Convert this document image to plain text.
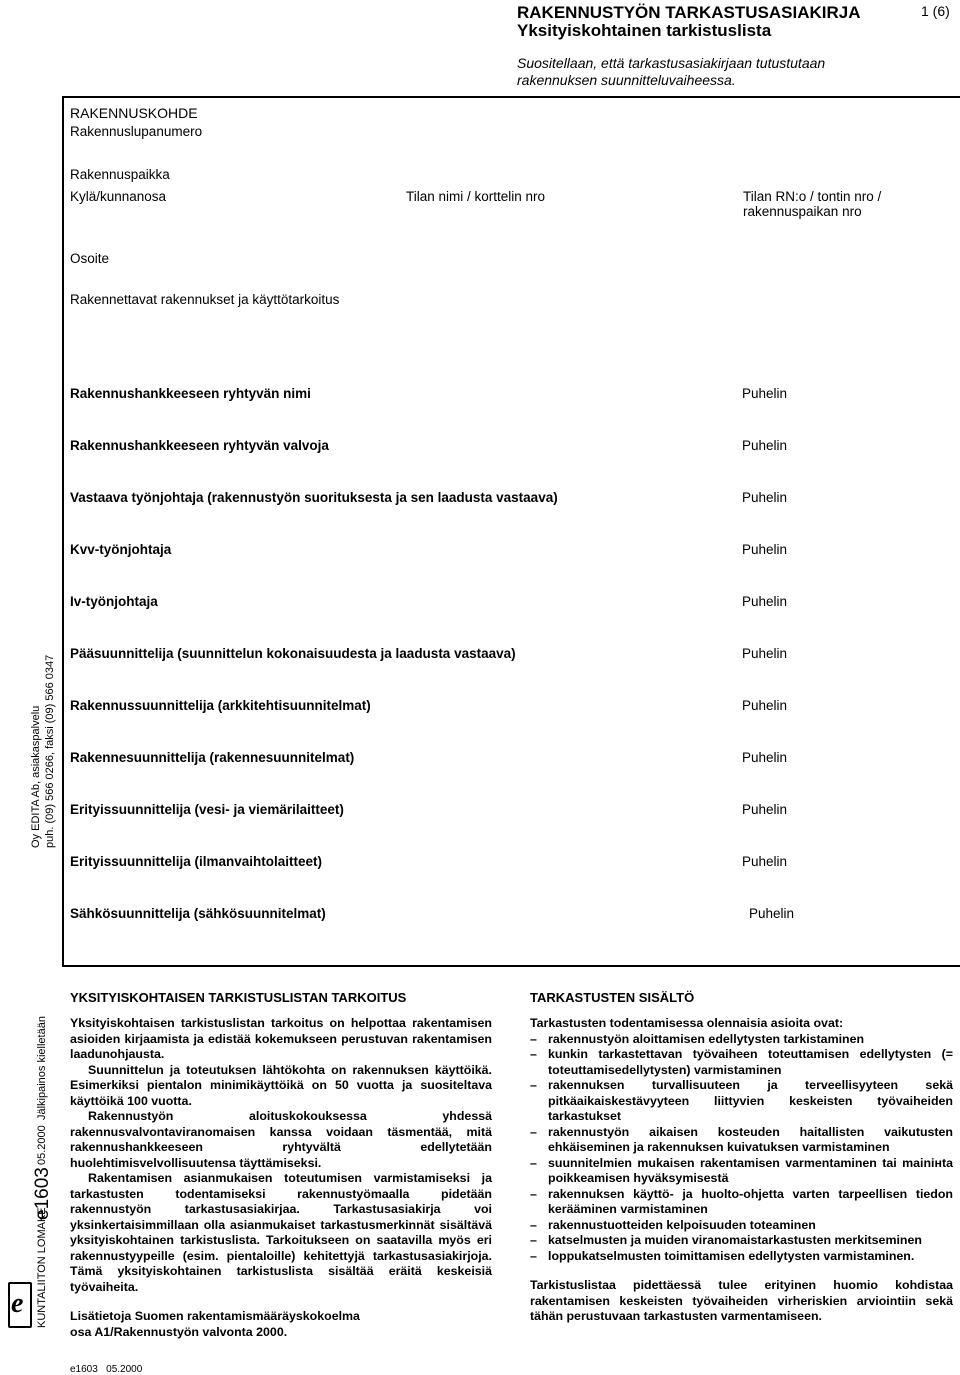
RAKENNUSTYÖN TARKASTUSASIAKIRJA
Yksityiskohtainen tarkistuslista
1 (6)
Suositellaan, että tarkastusasiakirjaan tutustutaan
rakennuksen suunnitteluvaiheessa.
RAKENNUSKOHDE
Rakennuslupanumero
Rakennuspaikka
Kylä/kunnanosa	Tilan nimi / korttelin nro	Tilan RN:o / tontin nro /
rakennuspaikan nro
Osoite
Rakennettavat rakennukset ja käyttötarkoitus
Rakennushankkeeseen ryhtyvän nimi	Puhelin
Rakennushankkeeseen ryhtyvän valvoja	Puhelin
Vastaava työnjohtaja (rakennustyön suorituksesta ja sen laadusta vastaava)	Puhelin
Kvv-työnjohtaja	Puhelin
Iv-työnjohtaja	Puhelin
Pääsuunnittelija (suunnittelun kokonaisuudesta ja laadusta vastaava)	Puhelin
Rakennussuunnittelija (arkkitehtisuunnitelmat)	Puhelin
Rakennesuunnittelija (rakennesuunnitelmat)	Puhelin
Erityissuunnittelija (vesi- ja viemärilaitteet)	Puhelin
Erityissuunnittelija (ilmanvaihtolaitteet)	Puhelin
Sähkösuunnittelija (sähkösuunnitelmat)	Puhelin
Oy EDITA Ab, asiakaspalvelu puh. (09) 566 0266, faksi (09) 566 0347
KUNTALIITON LOMAKE
e1603
05.2000
Jälkipainos kielletään
e
YKSITYISKOHTAISEN TARKISTUSLISTAN TARKOITUS

Yksityiskohtaisen tarkistuslistan tarkoitus on helpottaa rakentamisen asioiden kirjaamista ja edistää kokemukseen perustuvan rakentamisen laadunohjausta.

Suunnittelun ja toteutuksen lähtökohta on rakennuksen käyttöikä. Esimerkiksi pientalon minimikäyttöikä on 50 vuotta ja suositeltava käyttöikä 100 vuotta.

Rakennustyön aloituskokouksessa yhdessä rakennusvalvontaviranomaisen kanssa voidaan täsmentää, mitä rakennushankkeeseen ryhtyvältä edellytetään huolehtimisvelvollisuutensa täyttämiseksi.

Rakentamisen asianmukaisen toteutumisen varmistamiseksi ja tarkastusten todentamiseksi rakennustyömaalla pidetään rakennustyön tarkastusasiakirjaa. Tarkastusasiakirja voi yksinkertaisimmillaan olla asianmukaiset tarkastusmerkinnät sisältävä yksityiskohtainen tarkistuslista. Tarkoitukseen on saatavilla myös eri rakennustyypeille (esim. pientaloille) kehitettyjä tarkastusasiakirjoja. Tämä yksityiskohtainen tarkistuslista sisältää eräitä keskeisiä työvaiheita.

Lisätietoja Suomen rakentamismääräyskokoelma

osa A1/Rakennustyön valvonta 2000.

TARKASTUSTEN SISÄLTÖ

Tarkastusten todentamisessa olennaisia asioita ovat:

– rakennustyön aloittamisen edellytysten tarkistaminen
– kunkin tarkastettavan työvaiheen toteuttamisen edellytysten (= toteuttamisedellytysten) varmistaminen
– rakennuksen turvallisuuteen ja terveellisyyteen sekä pitkäaikaiskestävyyteen liittyvien keskeisten työvaiheiden tarkastukset
– rakennustyön aikaisen kosteuden haitallisten vaikutusten ehkäiseminen ja rakennuksen kuivatuksen varmistaminen
– suunnitelmien mukaisen rakentamisen varmentaminen tai mainінta poikkeamisen hyväksymisestä
– rakennuksen käyttö- ja huolto-ohjetta varten tarpeellisen tiedon kerääminen varmistaminen
– rakennustuotteiden kelpoisuuden toteaminen
– katselmusten ja muiden viranomaistarkastusten merkitseminen
– loppukatselmusten toimittamisen edellytysten varmistaminen.

Tarkistuslistaa pidettäessä tulee erityinen huomio kohdistaa rakentamisen keskeisten työvaiheiden virheriskien arviointiin sekä tähän perustuvaan tarkastusten varmentamiseen.

e1603 05.2000
